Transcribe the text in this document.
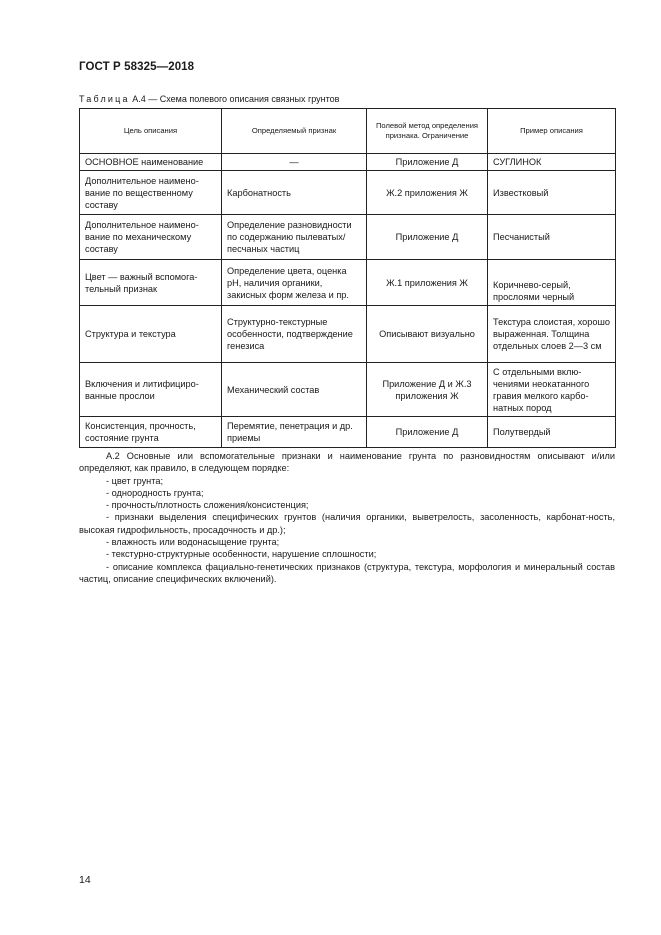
ГОСТ Р 58325—2018
Таблица А.4 — Схема полевого описания связных грунтов
Цель описания	Определяемый признак	Полевой метод определения признака. Ограничение	Пример описания
ОСНОВНОЕ наименование	—	Приложение Д	СУГЛИНОК
Дополнительное наимено-вание по вещественному составу	Карбонатность	Ж.2 приложения Ж	Известковый
Дополнительное наимено-вание по механическому составу	Определение разновидности по содержанию пылеватых/ песчаных частиц	Приложение Д	Песчанистый
Цвет — важный вспомога-тельный признак	Определение цвета, оценка рН, наличия органики, закисных форм железа и пр.	Ж.1 приложения Ж	Коричнево-серый, прослоями черный
Структура и текстура	Структурно-текстурные особенности, подтверждение генезиса	Описывают визуально	Текстура слоистая, хорошо выраженная. Толщина отдельных слоев 2—3 см
Включения и литифициро-ванные прослои	Механический состав	Приложение Д и Ж.3 приложения Ж	С отдельными вклю-чениями неокатанного гравия мелкого карбо-натных пород
Консистенция, прочность, состояние грунта	Перемятие, пенетрация и др. приемы	Приложение Д	Полутвердый

А.2 Основные или вспомогательные признаки и наименование грунта по разновидностям описывают и/или определяют, как правило, в следующем порядке:

- цвет грунта;

- однородность грунта;

- прочность/плотность сложения/консистенция;

- признаки выделения специфических грунтов (наличия органики, выветрелость, засоленность, карбонат-ность, высокая гидрофильность, просадочность и др.);

- влажность или водонасыщение грунта;

- текстурно-структурные особенности, нарушение сплошности;

- описание комплекса фациально-генетических признаков (структура, текстура, морфология и минеральный состав частиц, описание специфических включений).

14
